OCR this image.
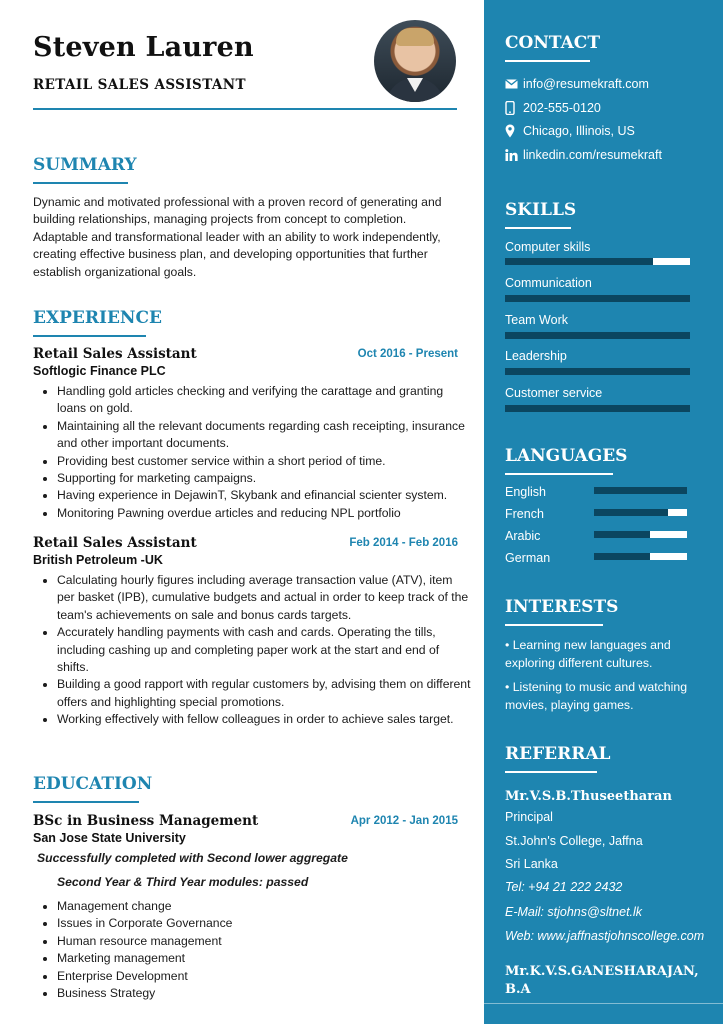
Steven Lauren
RETAIL SALES ASSISTANT
SUMMARY
Dynamic and motivated professional with a proven record of generating and building relationships, managing projects from concept to completion. Adaptable and transformational leader with an ability to work independently, creating effective business plan, and developing opportunities that further establish organizational goals.
EXPERIENCE
Retail Sales Assistant	Oct 2016 - Present
Softlogic Finance PLC
• Handling gold articles checking and verifying the carattage and granting loans on gold.
• Maintaining all the relevant documents regarding cash receipting, insurance and other important documents.
• Providing best customer service within a short period of time.
• Supporting for marketing campaigns.
• Having experience in DejawinT, Skybank and efinancial scienter system.
• Monitoring Pawning overdue articles and reducing NPL portfolio
Retail Sales Assistant	Feb 2014 - Feb 2016
British Petroleum -UK
• Calculating hourly figures including average transaction value (ATV), item per basket (IPB), cumulative budgets and actual in order to keep track of the team's achievements on sale and bonus cards targets.
• Accurately handling payments with cash and cards. Operating the tills, including cashing up and completing paper work at the start and end of shifts.
• Building a good rapport with regular customers by, advising them on different offers and highlighting special promotions.
• Working effectively with fellow colleagues in order to achieve sales target.
EDUCATION
BSc in Business Management	Apr 2012 - Jan 2015
San Jose State University
Successfully completed with Second lower aggregate
Second Year & Third Year modules: passed
• Management change
• Issues in Corporate Governance
• Human resource management
• Marketing management
• Enterprise Development
• Business Strategy
CONTACT
info@resumekraft.com
202-555-0120
Chicago, Illinois, US
linkedin.com/resumekraft
SKILLS
Computer skills
Communication
Team Work
Leadership
Customer service
LANGUAGES
English
French
Arabic
German
INTERESTS
• Learning new languages and exploring different cultures.
• Listening to music and watching movies, playing games.
REFERRAL
Mr.V.S.B.Thuseetharan
Principal
St.John's College, Jaffna
Sri Lanka
Tel: +94 21 222 2432
E-Mail: stjohns@sltnet.lk
Web: www.jaffnastjohnscollege.com
Mr.K.V.S.GANESHARAJAN, B.A
